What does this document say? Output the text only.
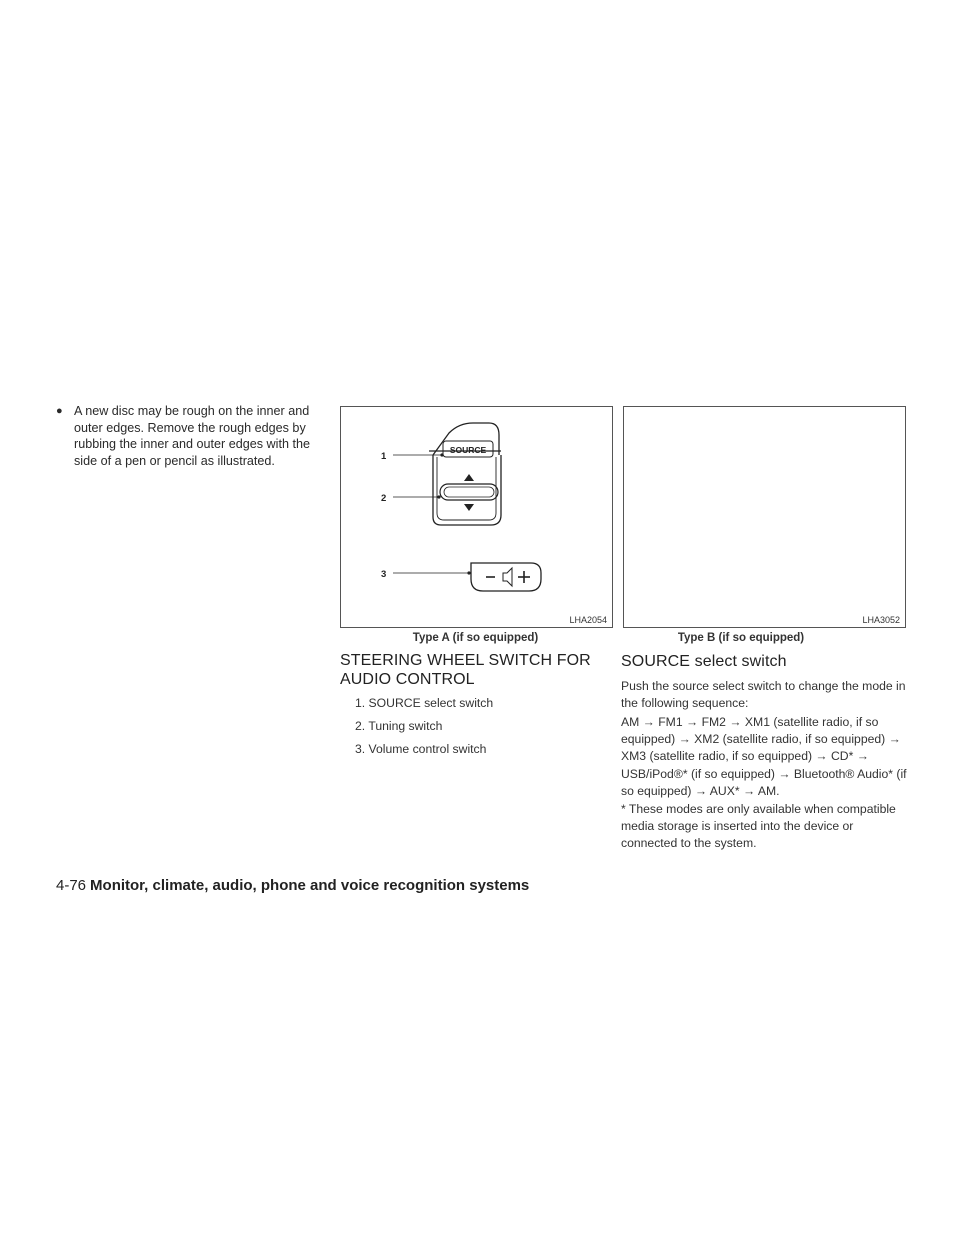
● A new disc may be rough on the inner and outer edges. Remove the rough edges by rubbing the inner and outer edges with the side of a pen or pencil as illustrated.
SOURCE
1
2
3
LHA2054
Type A (if so equipped)
LHA3052
Type B (if so equipped)
STEERING WHEEL SWITCH FOR AUDIO CONTROL
1. SOURCE select switch
2. Tuning switch
3. Volume control switch
SOURCE select switch
Push the source select switch to change the mode in the following sequence:
AM → FM1 → FM2 → XM1 (satellite radio, if so equipped) → XM2 (satellite radio, if so equipped) → XM3 (satellite radio, if so equipped) → CD* → USB/iPod®* (if so equipped) → Bluetooth® Audio* (if so equipped) → AUX* → AM.
* These modes are only available when compatible media storage is inserted into the device or connected to the system.
4-76 Monitor, climate, audio, phone and voice recognition systems
